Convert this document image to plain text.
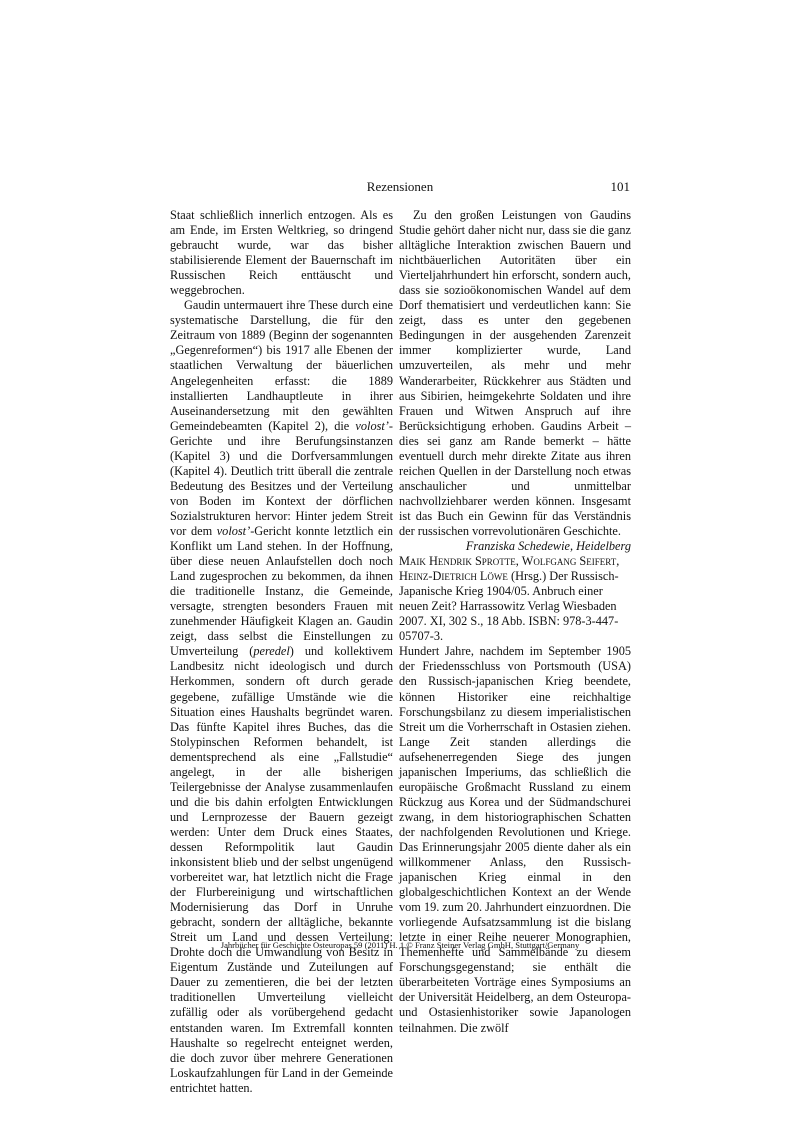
Rezensionen	101

Staat schließlich innerlich entzogen. Als es am Ende, im Ersten Weltkrieg, so dringend gebraucht wurde, war das bisher stabilisierende Element der Bauernschaft im Russischen Reich enttäuscht und weggebrochen.

Gaudin untermauert ihre These durch eine systematische Darstellung, die für den Zeitraum von 1889 (Beginn der sogenannten „Gegenreformen“) bis 1917 alle Ebenen der staatlichen Verwaltung der bäuerlichen Angelegenheiten erfasst: die 1889 installierten Landhauptleute in ihrer Auseinandersetzung mit den gewählten Gemeindebeamten (Kapitel 2), die volost’-Gerichte und ihre Berufungsinstanzen (Kapitel 3) und die Dorfversammlungen (Kapitel 4). Deutlich tritt überall die zentrale Bedeutung des Besitzes und der Verteilung von Boden im Kontext der dörflichen Sozialstrukturen hervor: Hinter jedem Streit vor dem volost’-Gericht konnte letztlich ein Konflikt um Land stehen. In der Hoffnung, über diese neuen Anlaufstellen doch noch Land zugesprochen zu bekommen, da ihnen die traditionelle Instanz, die Gemeinde, versagte, strengten besonders Frauen mit zunehmender Häufigkeit Klagen an. Gaudin zeigt, dass selbst die Einstellungen zu Umverteilung (peredel) und kollektivem Landbesitz nicht ideologisch und durch Herkommen, sondern oft durch gerade gegebene, zufällige Umstände wie die Situation eines Haushalts begründet waren. Das fünfte Kapitel ihres Buches, das die Stolypinschen Reformen behandelt, ist dementsprechend als eine „Fallstudie“ angelegt, in der alle bisherigen Teilergebnisse der Analyse zusammenlaufen und die bis dahin erfolgten Entwicklungen und Lernprozesse der Bauern gezeigt werden: Unter dem Druck eines Staates, dessen Reformpolitik laut Gaudin inkonsistent blieb und der selbst ungenügend vorbereitet war, hat letztlich nicht die Frage der Flurbereinigung und wirtschaftlichen Modernisierung das Dorf in Unruhe gebracht, sondern der alltägliche, bekannte Streit um Land und dessen Verteilung: Drohte doch die Umwandlung von Besitz in Eigentum Zustände und Zuteilungen auf Dauer zu zementieren, die bei der letzten traditionellen Umverteilung vielleicht zufällig oder als vorübergehend gedacht entstanden waren. Im Extremfall konnten Haushalte so regelrecht enteignet werden, die doch zuvor über mehrere Generationen Loskaufzahlungen für Land in der Gemeinde entrichtet hatten.

Zu den großen Leistungen von Gaudins Studie gehört daher nicht nur, dass sie die ganz alltägliche Interaktion zwischen Bauern und nichtbäuerlichen Autoritäten über ein Vierteljahrhundert hin erforscht, sondern auch, dass sie sozioökonomischen Wandel auf dem Dorf thematisiert und verdeutlichen kann: Sie zeigt, dass es unter den gegebenen Bedingungen in der ausgehenden Zarenzeit immer komplizierter wurde, Land umzuverteilen, als mehr und mehr Wanderarbeiter, Rückkehrer aus Städten und aus Sibirien, heimgekehrte Soldaten und ihre Frauen und Witwen Anspruch auf ihre Berücksichtigung erhoben. Gaudins Arbeit – dies sei ganz am Rande bemerkt – hätte eventuell durch mehr direkte Zitate aus ihren reichen Quellen in der Darstellung noch etwas anschaulicher und unmittelbar nachvollziehbarer werden können. Insgesamt ist das Buch ein Gewinn für das Verständnis der russischen vorrevolutionären Geschichte.

Franziska Schedewie, Heidelberg

Maik Hendrik Sprotte, Wolfgang Seifert, Heinz-Dietrich Löwe (Hrsg.) Der Russisch-Japanische Krieg 1904/05. Anbruch einer neuen Zeit? Harrassowitz Verlag Wiesbaden 2007. XI, 302 S., 18 Abb. ISBN: 978-3-447-05707-3.

Hundert Jahre, nachdem im September 1905 der Friedensschluss von Portsmouth (USA) den Russisch-japanischen Krieg beendete, können Historiker eine reichhaltige Forschungsbilanz zu diesem imperialistischen Streit um die Vorherrschaft in Ostasien ziehen. Lange Zeit standen allerdings die aufsehenerregenden Siege des jungen japanischen Imperiums, das schließlich die europäische Großmacht Russland zu einem Rückzug aus Korea und der Südmandschurei zwang, in dem historiographischen Schatten der nachfolgenden Revolutionen und Kriege. Das Erinnerungsjahr 2005 diente daher als ein willkommener Anlass, den Russisch-japanischen Krieg einmal in den globalgeschichtlichen Kontext an der Wende vom 19. zum 20. Jahrhundert einzuordnen. Die vorliegende Aufsatzsammlung ist die bislang letzte in einer Reihe neuerer Monographien, Themenhefte und Sammelbände zu diesem Forschungsgegenstand; sie enthält die überarbeiteten Vorträge eines Symposiums an der Universität Heidelberg, an dem Osteuropa- und Ostasienhistoriker sowie Japanologen teilnahmen. Die zwölf

Jahrbücher für Geschichte Osteuropas 59 (2011) H. 1 © Franz Steiner Verlag GmbH, Stuttgart/Germany
